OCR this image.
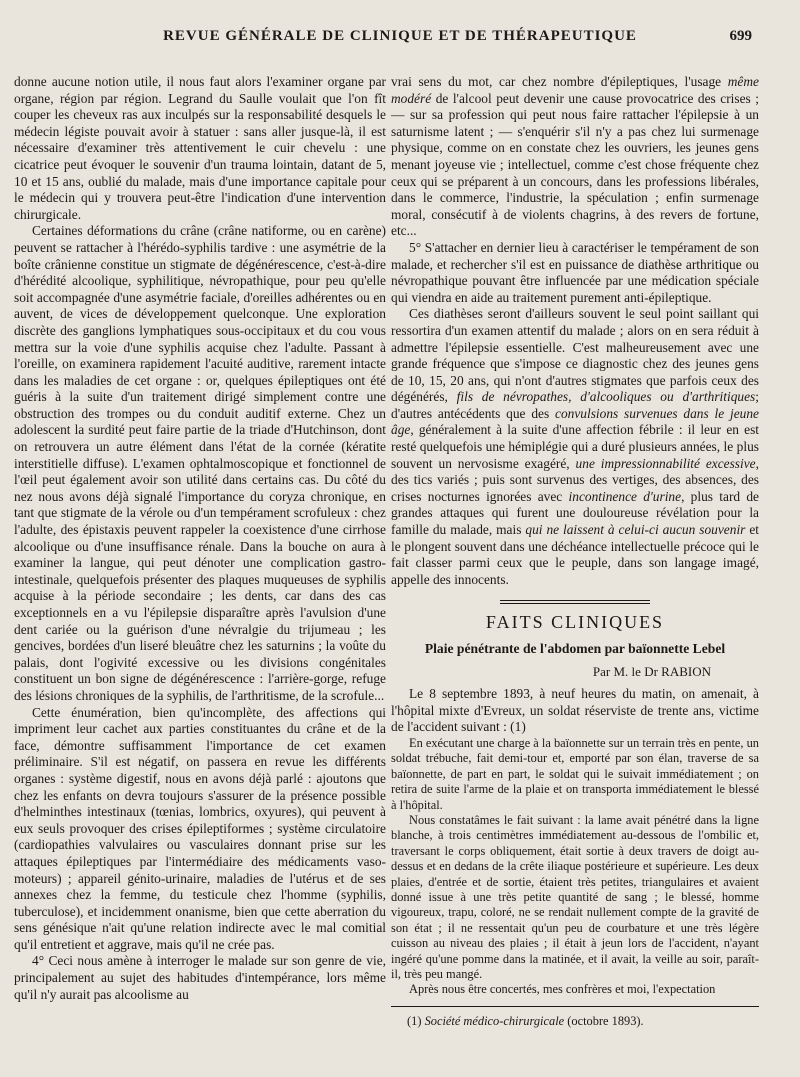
REVUE GÉNÉRALE DE CLINIQUE ET DE THÉRAPEUTIQUE	699

donne aucune notion utile, il nous faut alors l'examiner organe par organe, région par région. Legrand du Saulle voulait que l'on fît couper les cheveux ras aux inculpés sur la responsabilité desquels le médecin légiste pouvait avoir à statuer : sans aller jusque-là, il est nécessaire d'examiner très attentivement le cuir chevelu : une cicatrice peut évoquer le souvenir d'un trauma lointain, datant de 5, 10 et 15 ans, oublié du malade, mais d'une importance capitale pour le médecin qui y trouvera peut-être l'indication d'une intervention chirurgicale.

Certaines déformations du crâne (crâne natiforme, ou en carène) peuvent se rattacher à l'hérédo-syphilis tardive : une asymétrie de la boîte crânienne constitue un stigmate de dégénérescence, c'est-à-dire d'hérédité alcoolique, syphilitique, névropathique, pour peu qu'elle soit accompagnée d'une asymétrie faciale, d'oreilles adhérentes ou en auvent, de vices de développement quelconque. Une exploration discrète des ganglions lymphatiques sous-occipitaux et du cou vous mettra sur la voie d'une syphilis acquise chez l'adulte. Passant à l'oreille, on examinera rapidement l'acuité auditive, rarement intacte dans les maladies de cet organe : or, quelques épileptiques ont été guéris à la suite d'un traitement dirigé simplement contre une obstruction des trompes ou du conduit auditif externe. Chez un adolescent la surdité peut faire partie de la triade d'Hutchinson, dont on retrouvera un autre élément dans l'état de la cornée (kératite interstitielle diffuse). L'examen ophtalmoscopique et fonctionnel de l'œil peut également avoir son utilité dans certains cas. Du côté du nez nous avons déjà signalé l'importance du coryza chronique, en tant que stigmate de la vérole ou d'un tempérament scrofuleux : chez l'adulte, des épistaxis peuvent rappeler la coexistence d'une cirrhose alcoolique ou d'une insuffisance rénale. Dans la bouche on aura à examiner la langue, qui peut dénoter une complication gastro-intestinale, quelquefois présenter des plaques muqueuses de syphilis acquise à la période secondaire ; les dents, car dans des cas exceptionnels en a vu l'épilepsie disparaître après l'avulsion d'une dent cariée ou la guérison d'une névralgie du trijumeau ; les gencives, bordées d'un liseré bleuâtre chez les saturnins ; la voûte du palais, dont l'ogivité excessive ou les divisions congénitales constituent un bon signe de dégénérescence : l'arrière-gorge, refuge des lésions chroniques de la syphilis, de l'arthritisme, de la scrofule...

Cette énumération, bien qu'incomplète, des affections qui impriment leur cachet aux parties constituantes du crâne et de la face, démontre suffisamment l'importance de cet examen préliminaire. S'il est négatif, on passera en revue les différents organes : système digestif, nous en avons déjà parlé : ajoutons que chez les enfants on devra toujours s'assurer de la présence possible d'helminthes intestinaux (tœnias, lombrics, oxyures), qui peuvent à eux seuls provoquer des crises épileptiformes ; système circulatoire (cardiopathies valvulaires ou vasculaires donnant prise sur les attaques épileptiques par l'intermédiaire des médicaments vaso-moteurs) ; appareil génito-urinaire, maladies de l'utérus et de ses annexes chez la femme, du testicule chez l'homme (syphilis, tuberculose), et incidemment onanisme, bien que cette aberration du sens génésique n'ait qu'une relation indirecte avec le mal comitial qu'il entretient et aggrave, mais qu'il ne crée pas.

4° Ceci nous amène à interroger le malade sur son genre de vie, principalement au sujet des habitudes d'intempérance, lors même qu'il n'y aurait pas alcoolisme au

vrai sens du mot, car chez nombre d'épileptiques, l'usage même modéré de l'alcool peut devenir une cause provocatrice des crises ; — sur sa profession qui peut nous faire rattacher l'épilepsie à un saturnisme latent ; — s'enquérir s'il n'y a pas chez lui surmenage physique, comme on en constate chez les ouvriers, les jeunes gens menant joyeuse vie ; intellectuel, comme c'est chose fréquente chez ceux qui se préparent à un concours, dans les professions libérales, dans le commerce, l'industrie, la spéculation ; enfin surmenage moral, consécutif à de violents chagrins, à des revers de fortune, etc...

5° S'attacher en dernier lieu à caractériser le tempérament de son malade, et rechercher s'il est en puissance de diathèse arthritique ou névropathique pouvant être influencée par une médication spéciale qui viendra en aide au traitement purement anti-épileptique.

Ces diathèses seront d'ailleurs souvent le seul point saillant qui ressortira d'un examen attentif du malade ; alors on en sera réduit à admettre l'épilepsie essentielle. C'est malheureusement avec une grande fréquence que s'impose ce diagnostic chez des jeunes gens de 10, 15, 20 ans, qui n'ont d'autres stigmates que parfois ceux des dégénérés, fils de névropathes, d'alcooliques ou d'arthritiques; d'autres antécédents que des convulsions survenues dans le jeune âge, généralement à la suite d'une affection fébrile : il leur en est resté quelquefois une hémiplégie qui a duré plusieurs années, le plus souvent un nervosisme exagéré, une impressionnabilité excessive, des tics variés ; puis sont survenus des vertiges, des absences, des crises nocturnes ignorées avec incontinence d'urine, plus tard de grandes attaques qui furent une douloureuse révélation pour la famille du malade, mais qui ne laissent à celui-ci aucun souvenir et le plongent souvent dans une déchéance intellectuelle précoce qui le fait classer parmi ceux que le peuple, dans son langage imagé, appelle des innocents.

FAITS CLINIQUES
Plaie pénétrante de l'abdomen par baïonnette Lebel
Par M. le Dr RABION

Le 8 septembre 1893, à neuf heures du matin, on amenait, à l'hôpital mixte d'Evreux, un soldat réserviste de trente ans, victime de l'accident suivant : (1)

En exécutant une charge à la baïonnette sur un terrain très en pente, un soldat trébuche, fait demi-tour et, emporté par son élan, traverse de sa baïonnette, de part en part, le soldat qui le suivait immédiatement ; on retira de suite l'arme de la plaie et on transporta immédiatement le blessé à l'hôpital.

Nous constatâmes le fait suivant : la lame avait pénétré dans la ligne blanche, à trois centimètres immédiatement au-dessous de l'ombilic et, traversant le corps obliquement, était sortie à deux travers de doigt au-dessus et en dedans de la crête iliaque postérieure et supérieure. Les deux plaies, d'entrée et de sortie, étaient très petites, triangulaires et avaient donné issue à une très petite quantité de sang ; le blessé, homme vigoureux, trapu, coloré, ne se rendait nullement compte de la gravité de son état ; il ne ressentait qu'un peu de courbature et une très légère cuisson au niveau des plaies ; il était à jeun lors de l'accident, n'ayant ingéré qu'une pomme dans la matinée, et il avait, la veille au soir, paraît-il, très peu mangé.

Après nous être concertés, mes confrères et moi, l'expectation

(1) Société médico-chirurgicale (octobre 1893).
